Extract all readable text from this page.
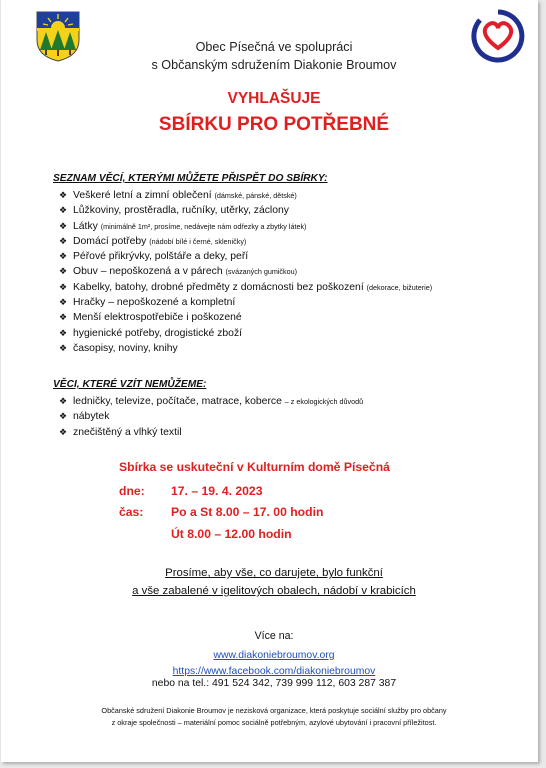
Obec Písečná ve spolupráci
s Občanským sdružením Diakonie Broumov
VYHLAŠUJE
SBÍRKU PRO POTŘEBNÉ
SEZNAM VĚCÍ, KTERÝMI MŮŽETE PŘISPĚT DO SBÍRKY:
❖ Veškeré letní a zimní oblečení (dámské, pánské, dětské)
❖ Lůžkoviny, prostěradla, ručníky, utěrky, záclony
❖ Látky (minimálně 1m², prosíme, nedávejte nám odřezky a zbytky látek)
❖ Domácí potřeby (nádobí bílé i černé, skleničky)
❖ Péřové přikrývky, polštáře a deky, peří
❖ Obuv – nepoškozená a v párech (svázaných gumičkou)
❖ Kabelky, batohy, drobné předměty z domácnosti bez poškození (dekorace, bižuterie)
❖ Hračky – nepoškozené a kompletní
❖ Menší elektrospotřebiče i poškozené
❖ hygienické potřeby, drogistické zboží
❖ časopisy, noviny, knihy
VĚCI, KTERÉ VZÍT NEMŮŽEME:
❖ ledničky, televize, počítače, matrace, koberce – z ekologických důvodů
❖ nábytek
❖ znečištěný a vlhký textil
Sbírka se uskuteční v Kulturním domě Písečná
dne: 17. – 19. 4. 2023
čas: Po a St 8.00 – 17. 00 hodin
Út 8.00 – 12.00 hodin
Prosíme, aby vše, co darujete, bylo funkční
a vše zabalené v igelitových obalech, nádobí v krabicích
Více na:
www.diakoniebroumov.org
https://www.facebook.com/diakoniebroumov
nebo na tel.: 491 524 342, 739 999 112, 603 287 387
Občanské sdružení Diakonie Broumov je nezisková organizace, která poskytuje sociální služby pro občany
z okraje společnosti – materiální pomoc sociálně potřebným, azylové ubytování i pracovní příležitost.
